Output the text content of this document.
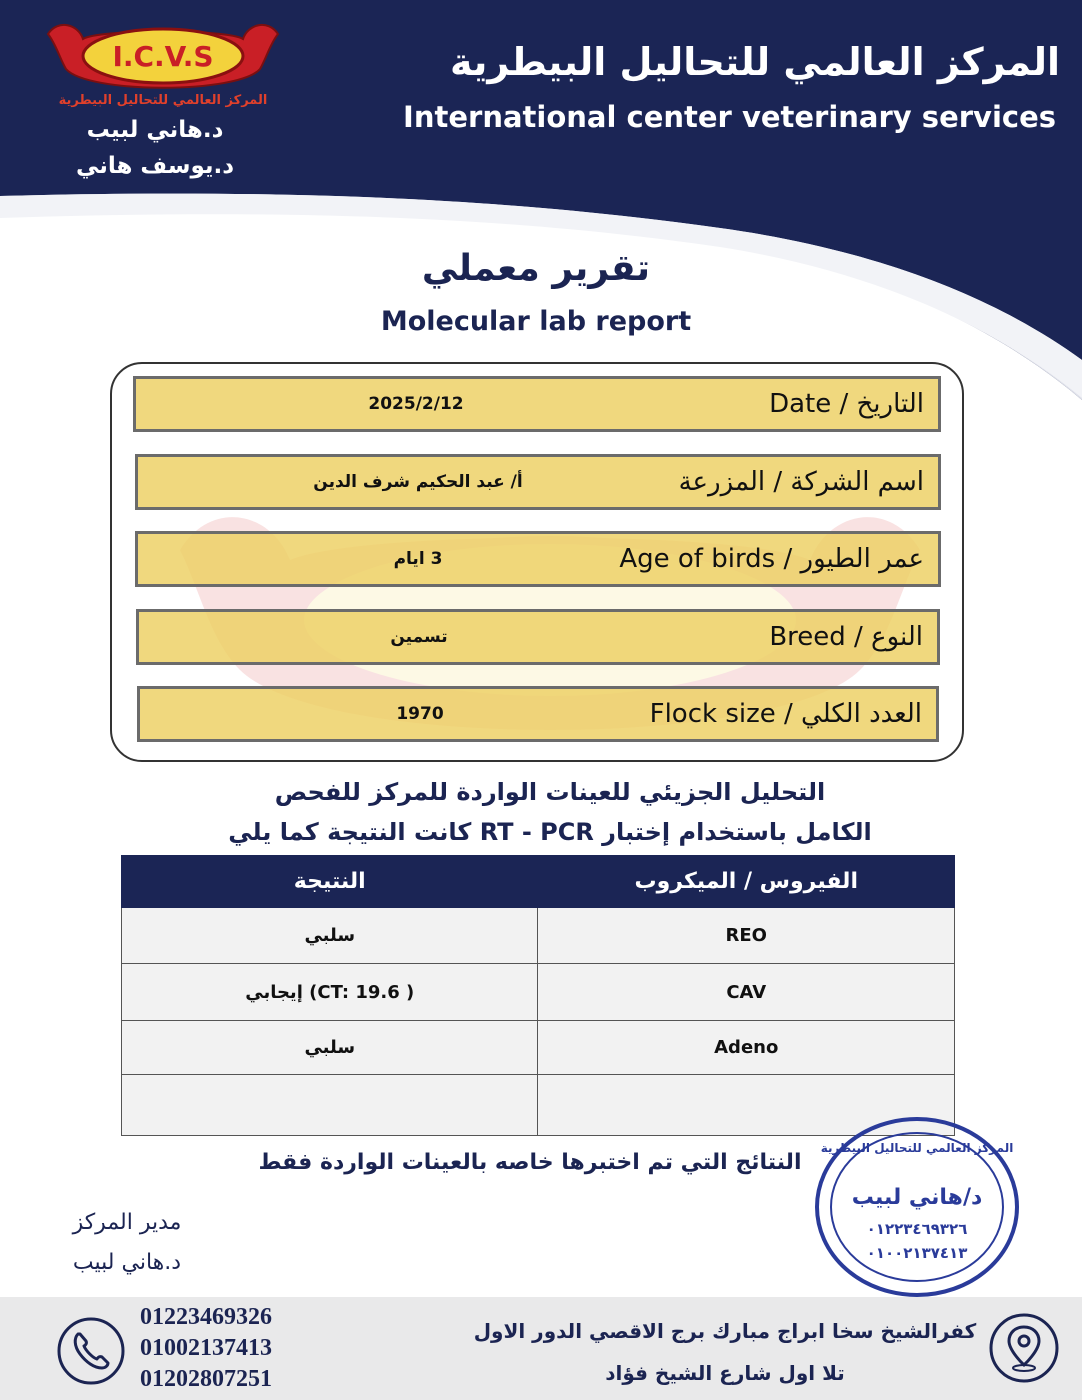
I.C.V.S
المركز العالمي للتحاليل البيطرية
د.هاني لبيب
د.يوسف هاني
المركز العالمي للتحاليل البيطرية
International center veterinary services
تقرير معملي
Molecular lab report
التاريخ / Date
2025/2/12
اسم الشركة / المزرعة
أ/ عبد الحكيم شرف الدين
عمر الطيور / Age of birds
3 ايام
النوع / Breed
تسمين
العدد الكلي / Flock size
1970
التحليل الجزيئي للعينات الواردة للمركز للفحص
الكامل باستخدام إختبار RT - PCR كانت النتيجة كما يلي
الفيروس / الميكروب	النتيجة
REO	سلبي
CAV	( CT: 19.6) إيجابي
Adeno	سلبي

النتائج التي تم اختبرها خاصه بالعينات الواردة فقط
مدير المركز
د.هاني لبيب
المركز العالمي للتحاليل البيطرية
د/هاني لبيب
٠١٢٢٣٤٦٩٣٢٦
٠١٠٠٢١٣٧٤١٣
01223469326
01002137413
01202807251
كفرالشيخ سخا ابراج مبارك برج الاقصي الدور الاول
تلا اول شارع الشيخ فؤاد
